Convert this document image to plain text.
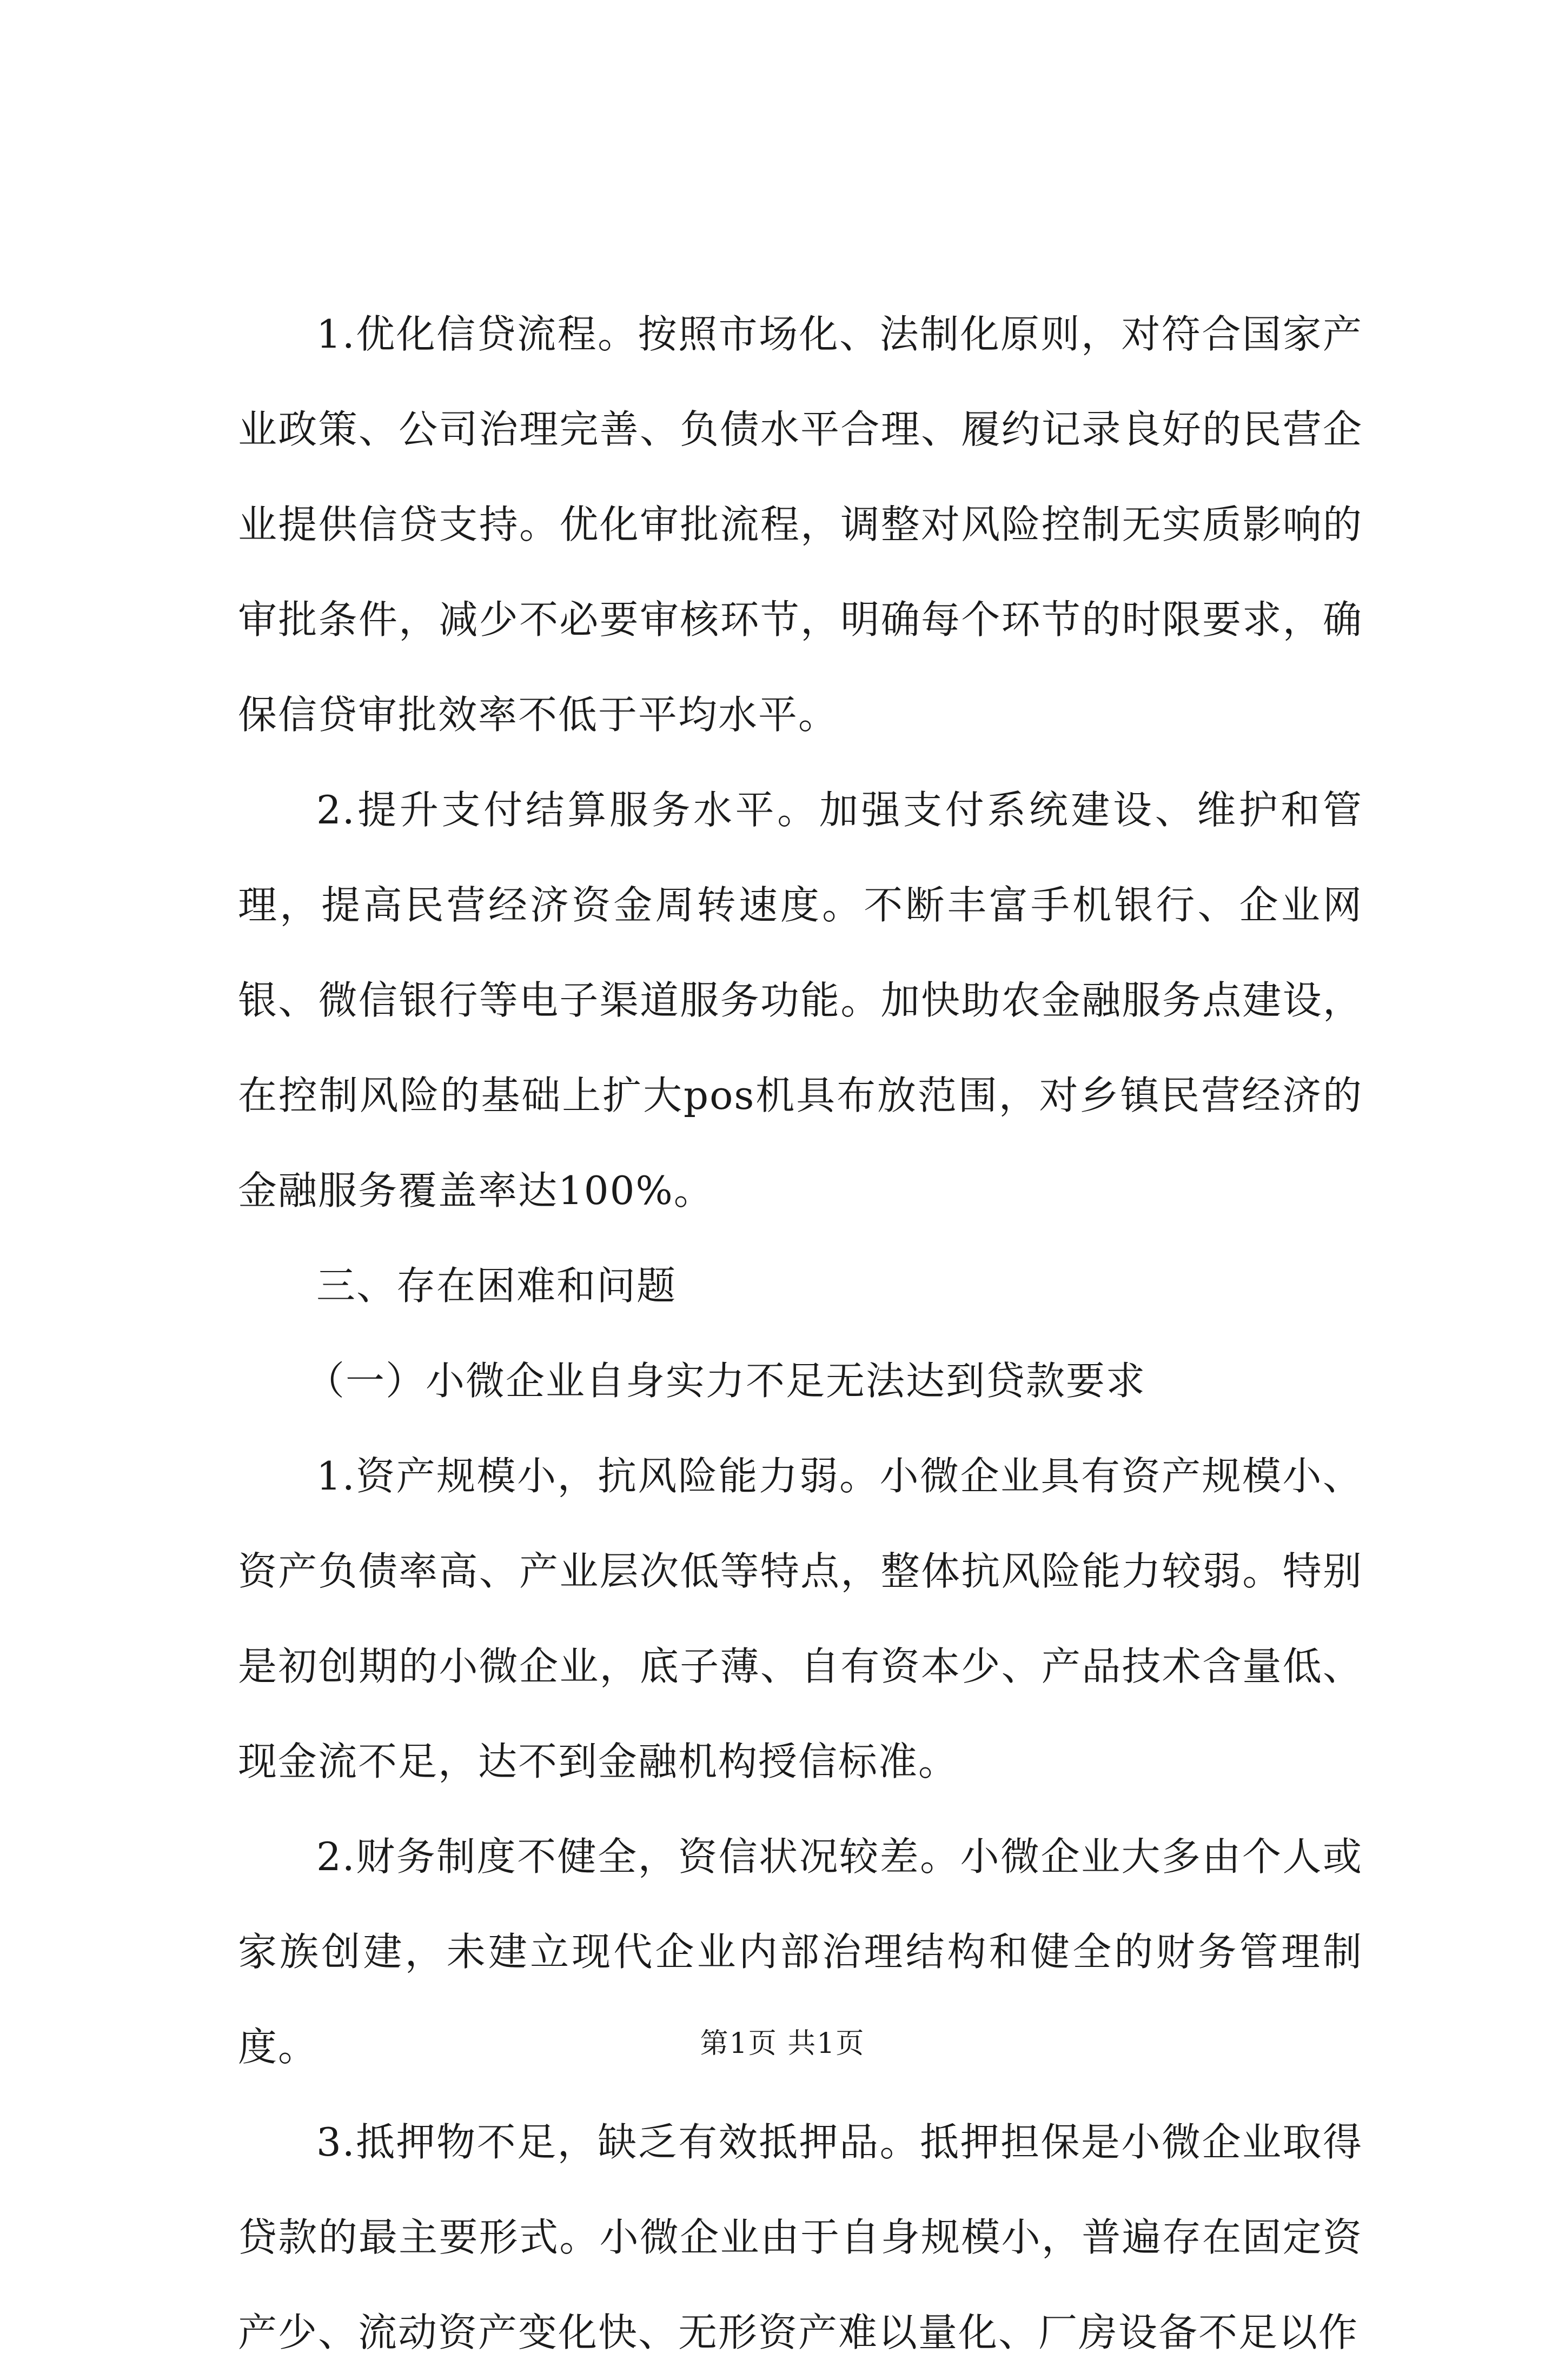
1.优化信贷流程。按照市场化、法制化原则，对符合国家产业政策、公司治理完善、负债水平合理、履约记录良好的民营企业提供信贷支持。优化审批流程，调整对风险控制无实质影响的审批条件，减少不必要审核环节，明确每个环节的时限要求，确保信贷审批效率不低于平均水平。

2.提升支付结算服务水平。加强支付系统建设、维护和管理，提高民营经济资金周转速度。不断丰富手机银行、企业网银、微信银行等电子渠道服务功能。加快助农金融服务点建设，在控制风险的基础上扩大pos机具布放范围，对乡镇民营经济的金融服务覆盖率达100%。

三、存在困难和问题

（一）小微企业自身实力不足无法达到贷款要求

1.资产规模小，抗风险能力弱。小微企业具有资产规模小、资产负债率高、产业层次低等特点，整体抗风险能力较弱。特别是初创期的小微企业，底子薄、自有资本少、产品技术含量低、现金流不足，达不到金融机构授信标准。

2.财务制度不健全，资信状况较差。小微企业大多由个人或家族创建，未建立现代企业内部治理结构和健全的财务管理制度。

3.抵押物不足，缺乏有效抵押品。抵押担保是小微企业取得贷款的最主要形式。小微企业由于自身规模小，普遍存在固定资产少、流动资产变化快、无形资产难以量化、厂房设备不足以作

第1页 共1页
